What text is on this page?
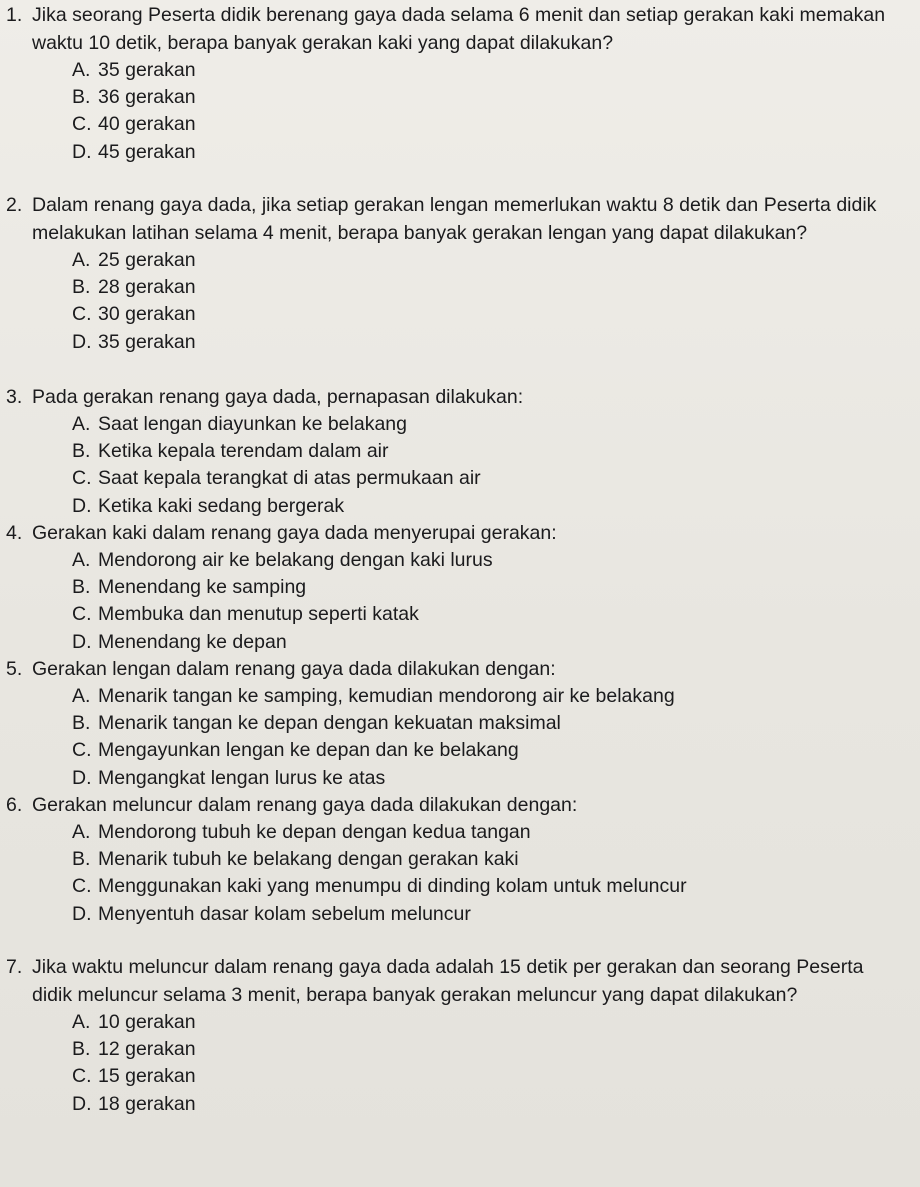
1. Jika seorang Peserta didik berenang gaya dada selama 6 menit dan setiap gerakan kaki memakan waktu 10 detik, berapa banyak gerakan kaki yang dapat dilakukan?

A. 35 gerakan
B. 36 gerakan
C. 40 gerakan
D. 45 gerakan

2. Dalam renang gaya dada, jika setiap gerakan lengan memerlukan waktu 8 detik dan Peserta didik melakukan latihan selama 4 menit, berapa banyak gerakan lengan yang dapat dilakukan?

A. 25 gerakan
B. 28 gerakan
C. 30 gerakan
D. 35 gerakan

3. Pada gerakan renang gaya dada, pernapasan dilakukan:

A. Saat lengan diayunkan ke belakang
B. Ketika kepala terendam dalam air
C. Saat kepala terangkat di atas permukaan air
D. Ketika kaki sedang bergerak

4. Gerakan kaki dalam renang gaya dada menyerupai gerakan:

A. Mendorong air ke belakang dengan kaki lurus
B. Menendang ke samping
C. Membuka dan menutup seperti katak
D. Menendang ke depan

5. Gerakan lengan dalam renang gaya dada dilakukan dengan:

A. Menarik tangan ke samping, kemudian mendorong air ke belakang
B. Menarik tangan ke depan dengan kekuatan maksimal
C. Mengayunkan lengan ke depan dan ke belakang
D. Mengangkat lengan lurus ke atas

6. Gerakan meluncur dalam renang gaya dada dilakukan dengan:

A. Mendorong tubuh ke depan dengan kedua tangan
B. Menarik tubuh ke belakang dengan gerakan kaki
C. Menggunakan kaki yang menumpu di dinding kolam untuk meluncur
D. Menyentuh dasar kolam sebelum meluncur

7. Jika waktu meluncur dalam renang gaya dada adalah 15 detik per gerakan dan seorang Peserta didik meluncur selama 3 menit, berapa banyak gerakan meluncur yang dapat dilakukan?

A. 10 gerakan
B. 12 gerakan
C. 15 gerakan
D. 18 gerakan
